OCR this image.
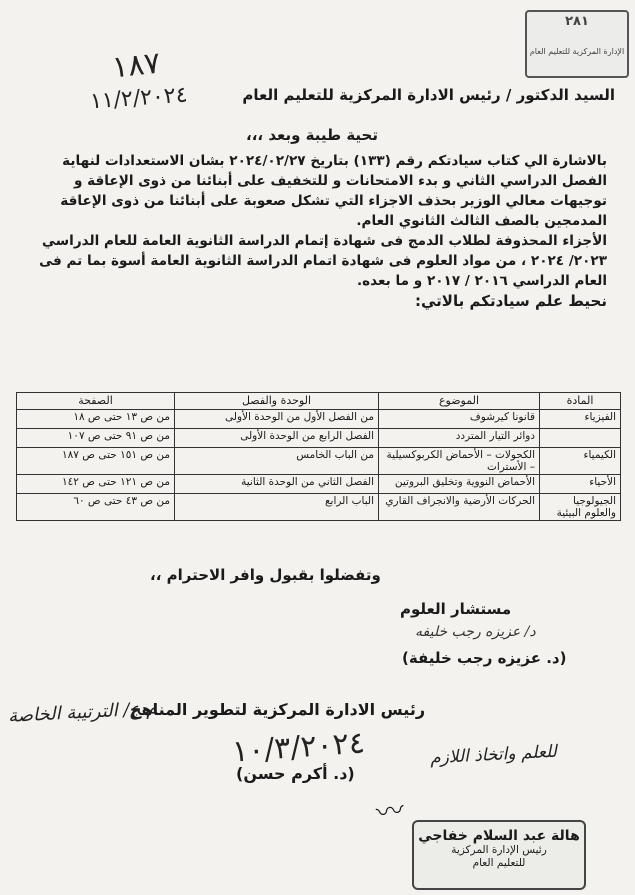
٢٨١
الإدارة المركزية للتعليم العام
١٨٧
١١/٢/٢٠٢٤	السيد الدكتور / رئيس الادارة المركزية للتعليم العام
تحية طيبة وبعد ،،،

بالاشارة الي كتاب سيادتكم رقم (١٣٣) بتاريخ ٢٠٢٤/٠٢/٢٧ بشان الاستعدادات لنهاية الفصل الدراسي الثاني و بدء الامتحانات و للتخفيف على أبنائنا من ذوى الإعاقة و توجيهات معالي الوزير بحذف الاجزاء التي تشكل صعوبة على أبنائنا من ذوى الإعاقة المدمجين بالصف الثالث الثانوي العام.

الأجزاء المحذوفة لطلاب الدمج فى شهادة إتمام الدراسة الثانوية العامة للعام الدراسي ٢٠٢٣/ ٢٠٢٤ ، من مواد العلوم فى شهادة اتمام الدراسة الثانوية العامة أسوة بما تم فى العام الدراسي ٢٠١٦ / ٢٠١٧ و ما بعده.

نحيط علم سيادتكم بالاتي:

المادة	الموضوع	الوحدة والفصل	الصفحة
الفيزياء	قانونا كيرشوف	من الفصل الأول من الوحدة الأولى	من ص ١٣ حتى ص ١٨
	دوائر التيار المتردد	الفصل الرابع من الوحدة الأولى	من ص ٩١ حتى ص ١٠٧
الكيمياء	الكحولات – الأحماض الكربوكسيلية – الأسترات	من الباب الخامس	من ص ١٥١ حتى ص ١٨٧
الأحياء	الأحماض النووية وتخليق البروتين	الفصل الثاني من الوحدة الثانية	من ص ١٢١ حتى ص ١٤٢
الجيولوجيا والعلوم البيئية	الحركات الأرضية والانجراف القاري	الباب الرابع	من ص ٤٣ حتى ص ٦٠
وتفضلوا بقبول وافر الاحترام ،،
مستشار العلوم
د/ عزيزه رجب خليفه
(د. عزيزه رجب خليفة)
رئيس الادارة المركزية لتطوير المناهج
م.ع/ الترتيبة الخاصة
للعلم واتخاذ اللازم
١٠/٣/٢٠٢٤
(د. أكرم حسن)
〰
هالة عبد السلام خفاجي
رئيس الإدارة المركزية
للتعليم العام
